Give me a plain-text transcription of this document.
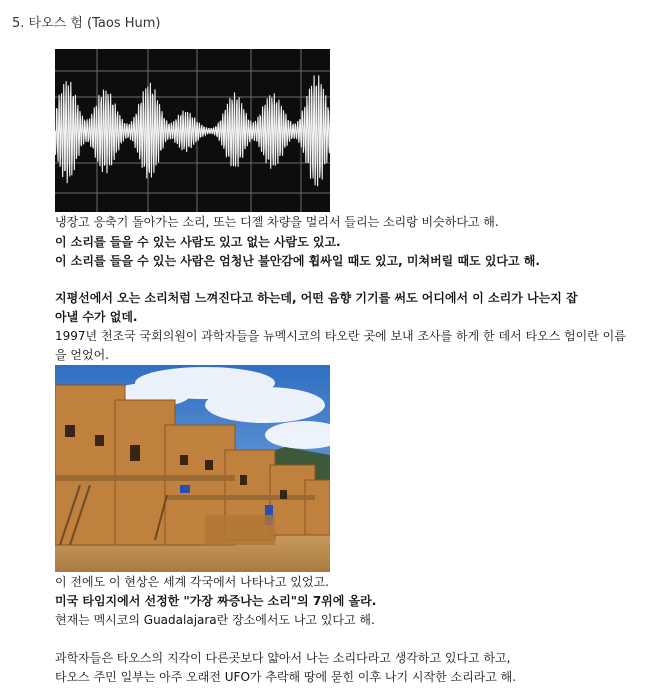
5. 타오스 험 (Taos Hum)
냉장고 응축기 돌아가는 소리, 또는 디젤 차량을 멀리서 들리는 소리랑 비슷하다고 해.
이 소리를 들을 수 있는 사람도 있고 없는 사람도 있고.
이 소리를 들을 수 있는 사람은 엄청난 불안감에 휩싸일 때도 있고, 미쳐버릴 때도 있다고 해.
지평선에서 오는 소리처럼 느껴진다고 하는데, 어떤 음향 기기를 써도 어디에서 이 소리가 나는지 잡
아낼 수가 없데.
1997년 천조국 국회의원이 과학자들을 뉴멕시코의 타오란 곳에 보내 조사를 하게 한 데서 타오스 험이란 이름
을 얻었어.
이 전에도 이 현상은 세계 각국에서 나타나고 있었고.
미국 타임지에서 선정한 "가장 짜증나는 소리"의 7위에 올라.
현재는 멕시코의 Guadalajara란 장소에서도 나고 있다고 해.
과학자들은 타오스의 지각이 다른곳보다 얇아서 나는 소리다라고 생각하고 있다고 하고,
타오스 주민 일부는 아주 오래전 UFO가 추락해 땅에 묻힌 이후 나기 시작한 소리라고 해.
